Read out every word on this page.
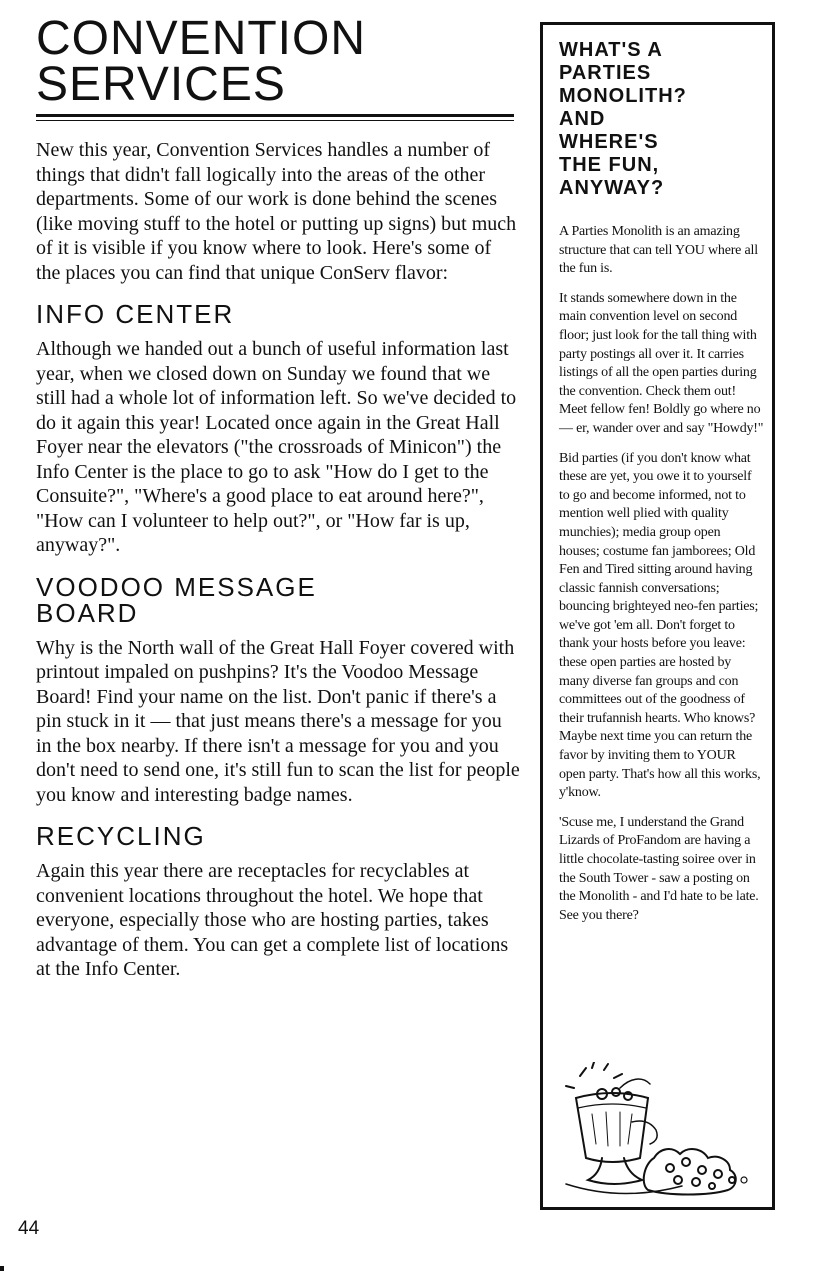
CONVENTION
SERVICES

New this year, Convention Services handles a number of things that didn't fall logically into the areas of the other departments. Some of our work is done behind the scenes (like moving stuff to the hotel or putting up signs) but much of it is visible if you know where to look. Here's some of the places you can find that unique ConServ flavor:

INFO CENTER

Although we handed out a bunch of useful information last year, when we closed down on Sunday we found that we still had a whole lot of information left. So we've decided to do it again this year! Located once again in the Great Hall Foyer near the elevators ("the crossroads of Minicon") the Info Center is the place to go to ask "How do I get to the Consuite?", "Where's a good place to eat around here?", "How can I volunteer to help out?", or "How far is up, anyway?".

VOODOO MESSAGE BOARD

Why is the North wall of the Great Hall Foyer covered with printout impaled on pushpins? It's the Voodoo Message Board! Find your name on the list. Don't panic if there's a pin stuck in it — that just means there's a message for you in the box nearby. If there isn't a message for you and you don't need to send one, it's still fun to scan the list for people you know and interesting badge names.

RECYCLING

Again this year there are receptacles for recyclables at convenient locations throughout the hotel. We hope that everyone, especially those who are hosting parties, takes advantage of them. You can get a complete list of locations at the Info Center.

WHAT'S A
PARTIES
MONOLITH?
AND
WHERE'S
THE FUN,
ANYWAY?

A Parties Monolith is an amazing structure that can tell YOU where all the fun is.

It stands somewhere down in the main convention level on second floor; just look for the tall thing with party postings all over it. It carries listings of all the open parties during the convention. Check them out! Meet fellow fen! Boldly go where no — er, wander over and say "Howdy!"

Bid parties (if you don't know what these are yet, you owe it to yourself to go and become informed, not to mention well plied with quality munchies); media group open houses; costume fan jamborees; Old Fen and Tired sitting around having classic fannish conversations; bouncing brighteyed neo-fen parties; we've got 'em all. Don't forget to thank your hosts before you leave: these open parties are hosted by many diverse fan groups and con committees out of the goodness of their trufannish hearts. Who knows? Maybe next time you can return the favor by inviting them to YOUR open party. That's how all this works, y'know.

'Scuse me, I understand the Grand Lizards of ProFandom are having a little chocolate-tasting soiree over in the South Tower - saw a posting on the Monolith - and I'd hate to be late. See you there?

44
